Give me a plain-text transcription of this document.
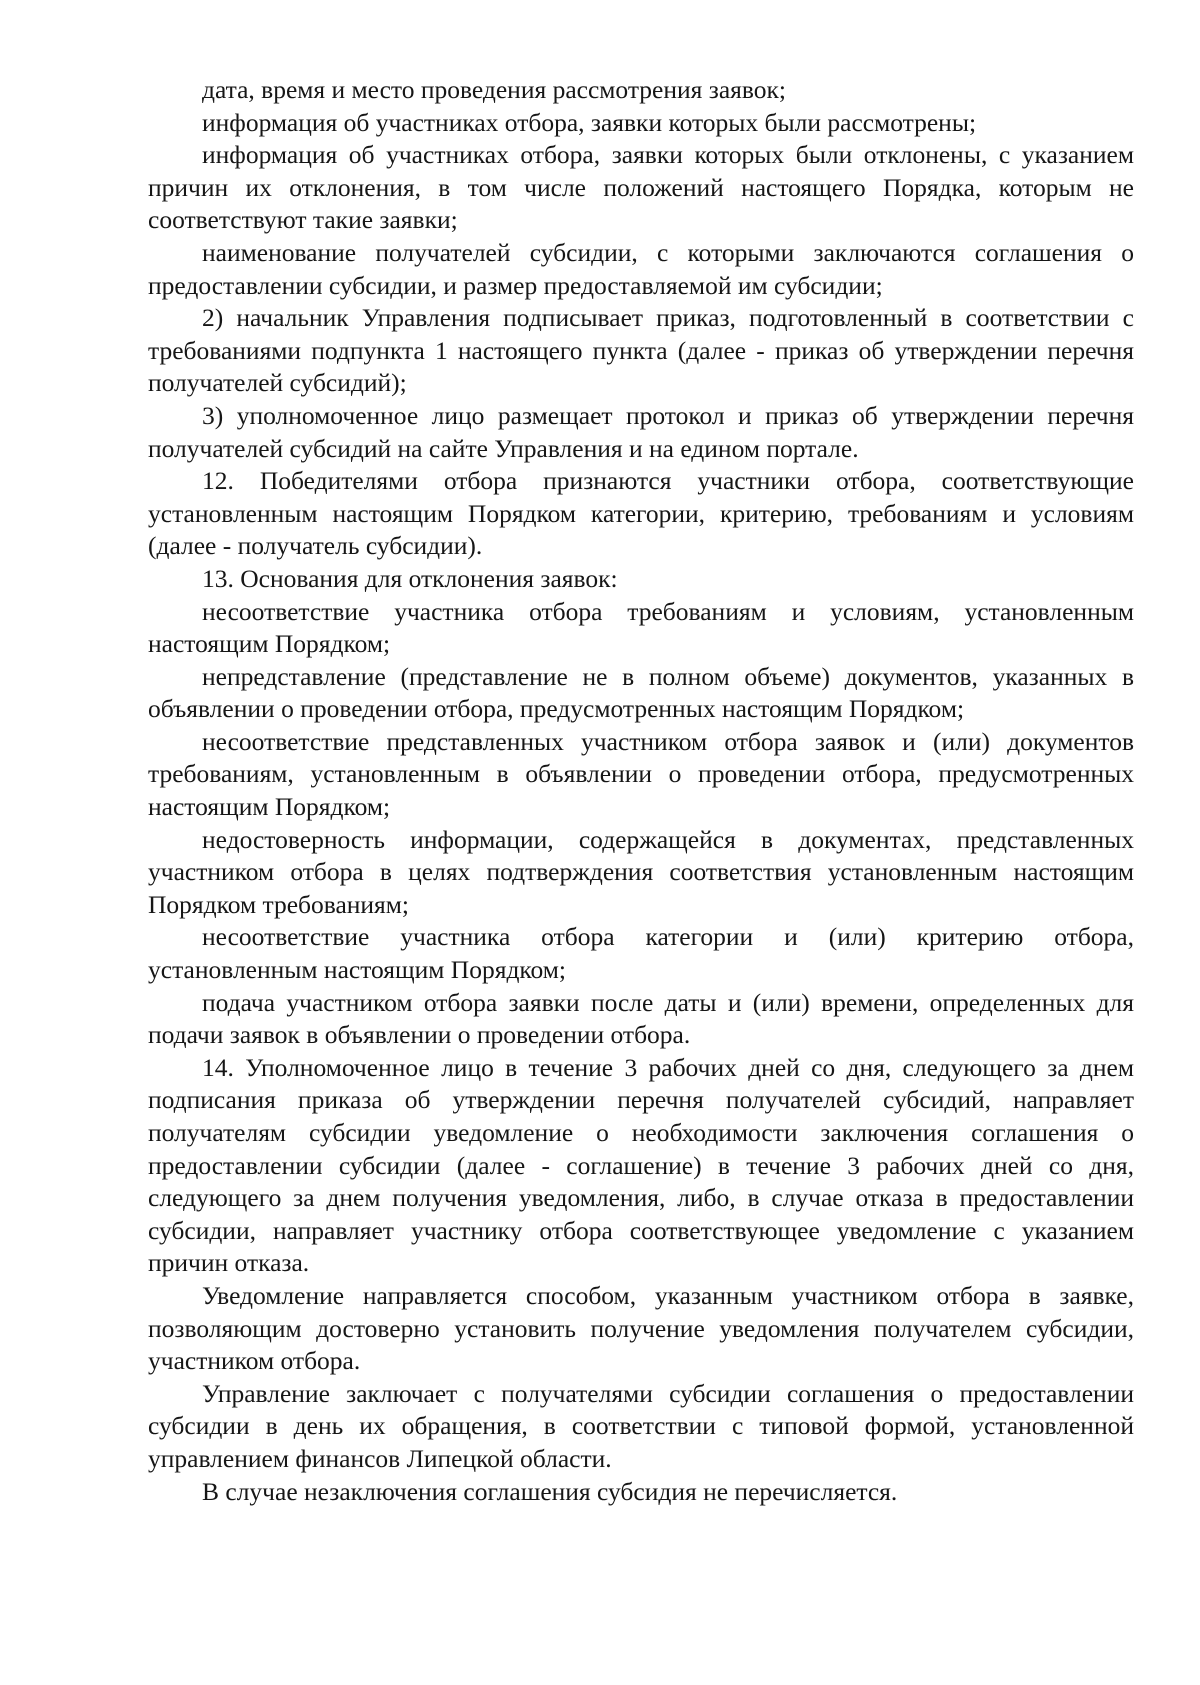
дата, время и место проведения рассмотрения заявок;

информация об участниках отбора, заявки которых были рассмотрены;

информация об участниках отбора, заявки которых были отклонены, с указанием причин их отклонения, в том числе положений настоящего Порядка, которым не соответствуют такие заявки;

наименование получателей субсидии, с которыми заключаются соглашения о предоставлении субсидии, и размер предоставляемой им субсидии;

2) начальник Управления подписывает приказ, подготовленный в соответствии с требованиями подпункта 1 настоящего пункта (далее - приказ об утверждении перечня получателей субсидий);

3) уполномоченное лицо размещает протокол и приказ об утверждении перечня получателей субсидий на сайте Управления и на едином портале.

12. Победителями отбора признаются участники отбора, соответствующие установленным настоящим Порядком категории, критерию, требованиям и условиям (далее - получатель субсидии).

13. Основания для отклонения заявок:

несоответствие участника отбора требованиям и условиям, установленным настоящим Порядком;

непредставление (представление не в полном объеме) документов, указанных в объявлении о проведении отбора, предусмотренных настоящим Порядком;

несоответствие представленных участником отбора заявок и (или) документов требованиям, установленным в объявлении о проведении отбора, предусмотренных настоящим Порядком;

недостоверность информации, содержащейся в документах, представленных участником отбора в целях подтверждения соответствия установленным настоящим Порядком требованиям;

несоответствие участника отбора категории и (или) критерию отбора, установленным настоящим Порядком;

подача участником отбора заявки после даты и (или) времени, определенных для подачи заявок в объявлении о проведении отбора.

14. Уполномоченное лицо в течение 3 рабочих дней со дня, следующего за днем подписания приказа об утверждении перечня получателей субсидий, направляет получателям субсидии уведомление о необходимости заключения соглашения о предоставлении субсидии (далее - соглашение) в течение 3 рабочих дней со дня, следующего за днем получения уведомления, либо, в случае отказа в предоставлении субсидии, направляет участнику отбора соответствующее уведомление с указанием причин отказа.

Уведомление направляется способом, указанным участником отбора в заявке, позволяющим достоверно установить получение уведомления получателем субсидии, участником отбора.

Управление заключает с получателями субсидии соглашения о предоставлении субсидии в день их обращения, в соответствии с типовой формой, установленной управлением финансов Липецкой области.

В случае незаключения соглашения субсидия не перечисляется.
